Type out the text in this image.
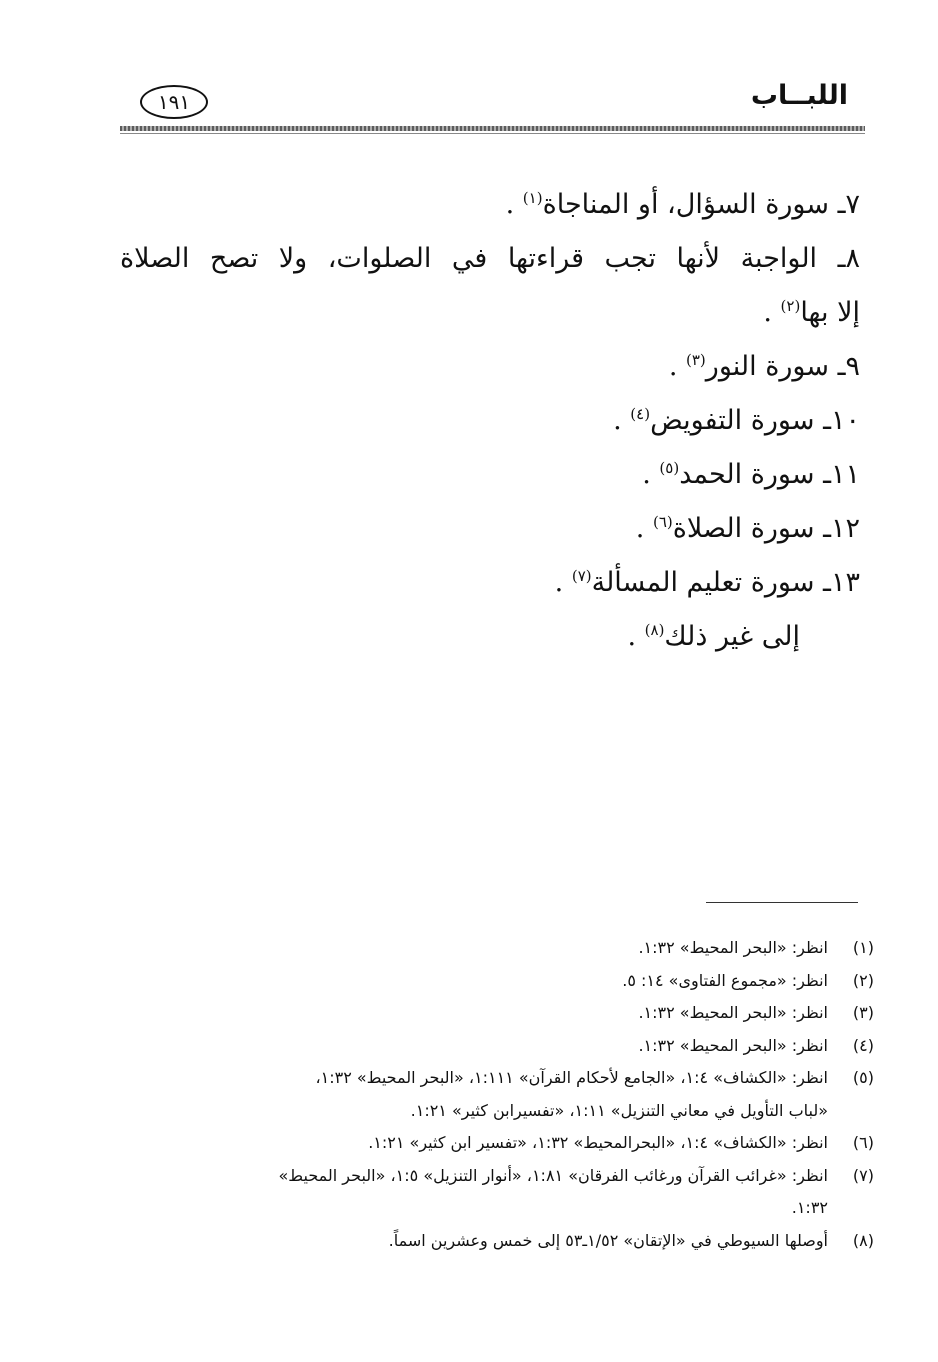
اللبــاب
١٩١
٧ـ سورة السؤال، أو المناجاة$^{(١)}$ .
٨ـ الواجبة لأنها تجب قراءتها في الصلوات، ولا تصح الصلاة
إلا بها$^{(٢)}$ .
٩ـ سورة النور$^{(٣)}$ .
١٠ـ سورة التفويض$^{(٤)}$ .
١١ـ سورة الحمد$^{(٥)}$ .
١٢ـ سورة الصلاة$^{(٦)}$ .
١٣ـ سورة تعليم المسألة$^{(٧)}$ .
إلى غير ذلك$^{(٨)}$ .
(١)
انظر: «البحر المحيط» ١:٣٢.
(٢)
انظر: «مجموع الفتاوى» ١٤: ٥.
(٣)
انظر: «البحر المحيط» ١:٣٢.
(٤)
انظر: «البحر المحيط» ١:٣٢.
(٥)
انظر: «الكشاف» ١:٤، «الجامع لأحكام القرآن» ١:١١١، «البحر المحيط» ١:٣٢،
«لباب التأويل في معاني التنزيل» ١:١١، «تفسيرابن كثير» ١:٢١.
(٦)
انظر: «الكشاف» ١:٤، «البحرالمحيط» ١:٣٢، «تفسير ابن كثير» ١:٢١.
(٧)
انظر: «غرائب القرآن ورغائب الفرقان» ١:٨١، «أنوار التنزيل» ١:٥، «البحر المحيط»
١:٣٢.
(٨)
أوصلها السيوطي في «الإتقان» ١/٥٢ـ٥٣ إلى خمس وعشرين اسماً.
